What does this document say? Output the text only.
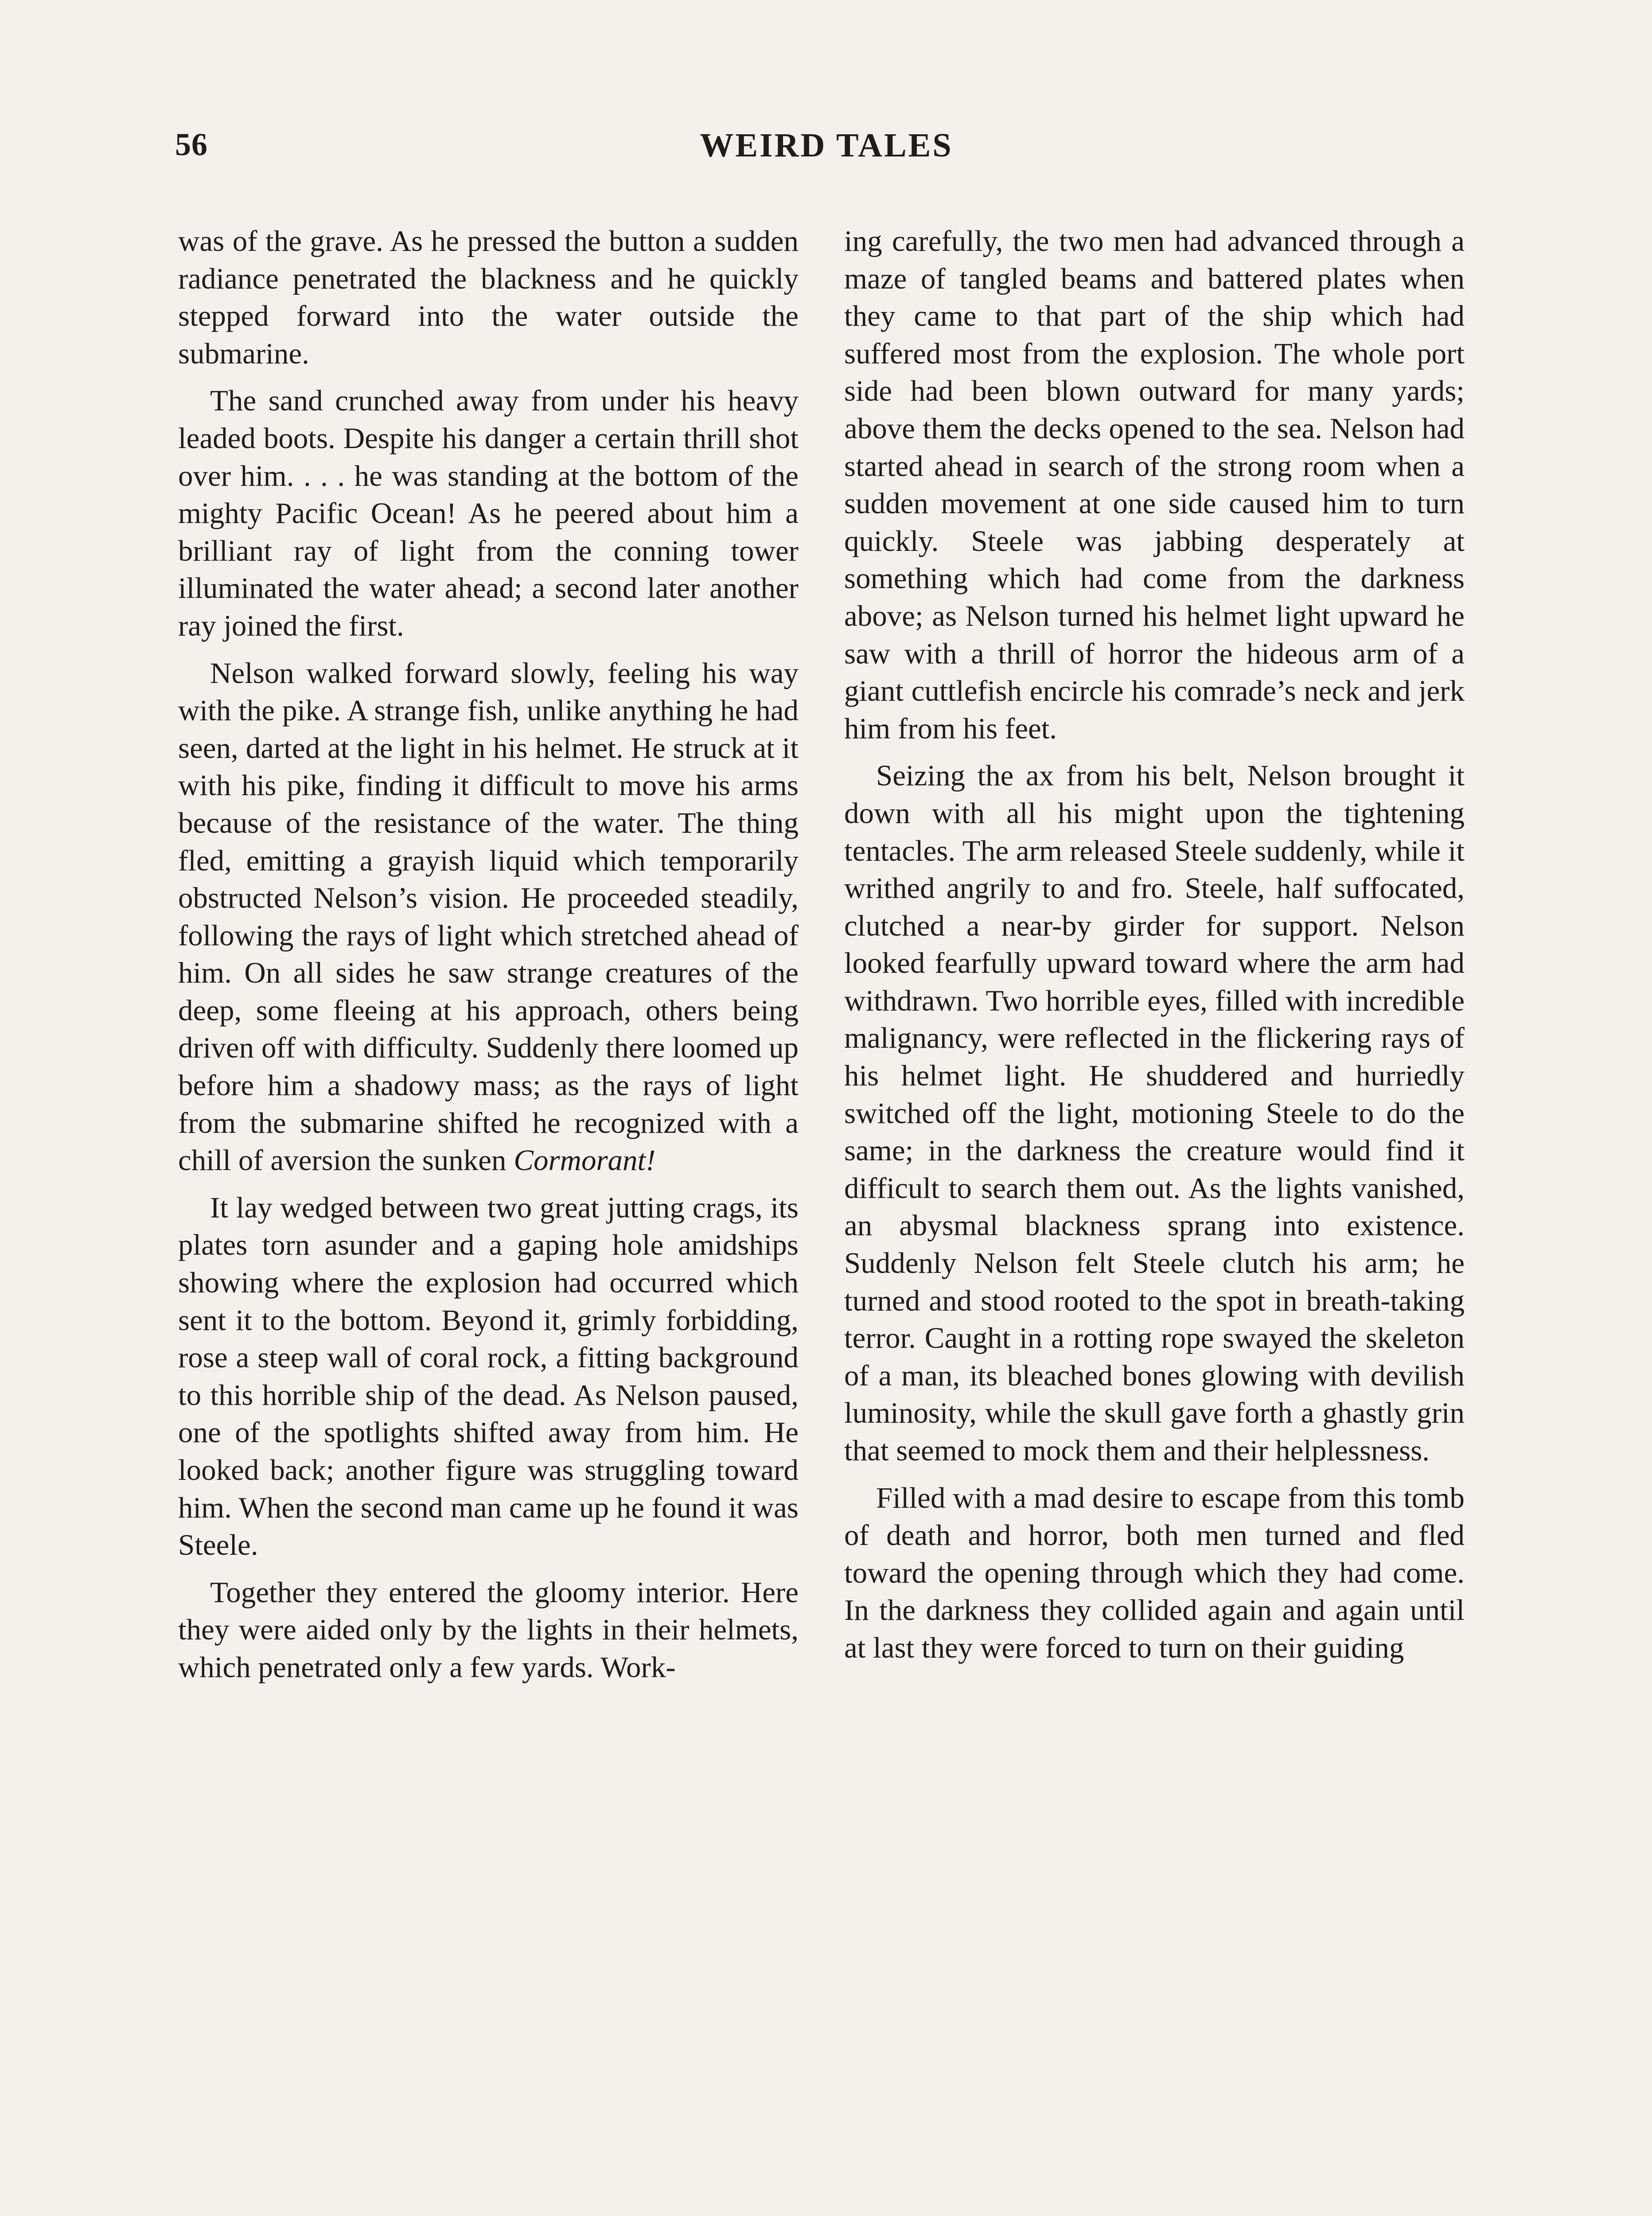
56	WEIRD TALES

was of the grave. As he pressed the button a sudden radiance penetrated the blackness and he quickly stepped forward into the water outside the submarine.

The sand crunched away from under his heavy leaded boots. Despite his danger a certain thrill shot over him. . . . he was standing at the bottom of the mighty Pacific Ocean! As he peered about him a brilliant ray of light from the conning tower illuminated the water ahead; a second later another ray joined the first.

Nelson walked forward slowly, feeling his way with the pike. A strange fish, unlike anything he had seen, darted at the light in his helmet. He struck at it with his pike, finding it difficult to move his arms because of the resistance of the water. The thing fled, emitting a grayish liquid which temporarily obstructed Nelson’s vision. He proceeded steadily, following the rays of light which stretched ahead of him. On all sides he saw strange creatures of the deep, some fleeing at his approach, others being driven off with difficulty. Suddenly there loomed up before him a shadowy mass; as the rays of light from the submarine shifted he recognized with a chill of aversion the sunken Cormorant!

It lay wedged between two great jutting crags, its plates torn asunder and a gaping hole amidships showing where the explosion had occurred which sent it to the bottom. Beyond it, grimly forbidding, rose a steep wall of coral rock, a fitting background to this horrible ship of the dead. As Nelson paused, one of the spotlights shifted away from him. He looked back; another figure was struggling toward him. When the second man came up he found it was Steele.

Together they entered the gloomy interior. Here they were aided only by the lights in their helmets, which penetrated only a few yards. Work-

ing carefully, the two men had advanced through a maze of tangled beams and battered plates when they came to that part of the ship which had suffered most from the explosion. The whole port side had been blown outward for many yards; above them the decks opened to the sea. Nelson had started ahead in search of the strong room when a sudden movement at one side caused him to turn quickly. Steele was jabbing desperately at something which had come from the darkness above; as Nelson turned his helmet light upward he saw with a thrill of horror the hideous arm of a giant cuttlefish encircle his comrade’s neck and jerk him from his feet.

Seizing the ax from his belt, Nelson brought it down with all his might upon the tightening tentacles. The arm released Steele suddenly, while it writhed angrily to and fro. Steele, half suffocated, clutched a near-by girder for support. Nelson looked fearfully upward toward where the arm had withdrawn. Two horrible eyes, filled with incredible malignancy, were reflected in the flickering rays of his helmet light. He shuddered and hurriedly switched off the light, motioning Steele to do the same; in the darkness the creature would find it difficult to search them out. As the lights vanished, an abysmal blackness sprang into existence. Suddenly Nelson felt Steele clutch his arm; he turned and stood rooted to the spot in breath-taking terror. Caught in a rotting rope swayed the skeleton of a man, its bleached bones glowing with devilish luminosity, while the skull gave forth a ghastly grin that seemed to mock them and their helplessness.

Filled with a mad desire to escape from this tomb of death and horror, both men turned and fled toward the opening through which they had come. In the darkness they collided again and again until at last they were forced to turn on their guiding
